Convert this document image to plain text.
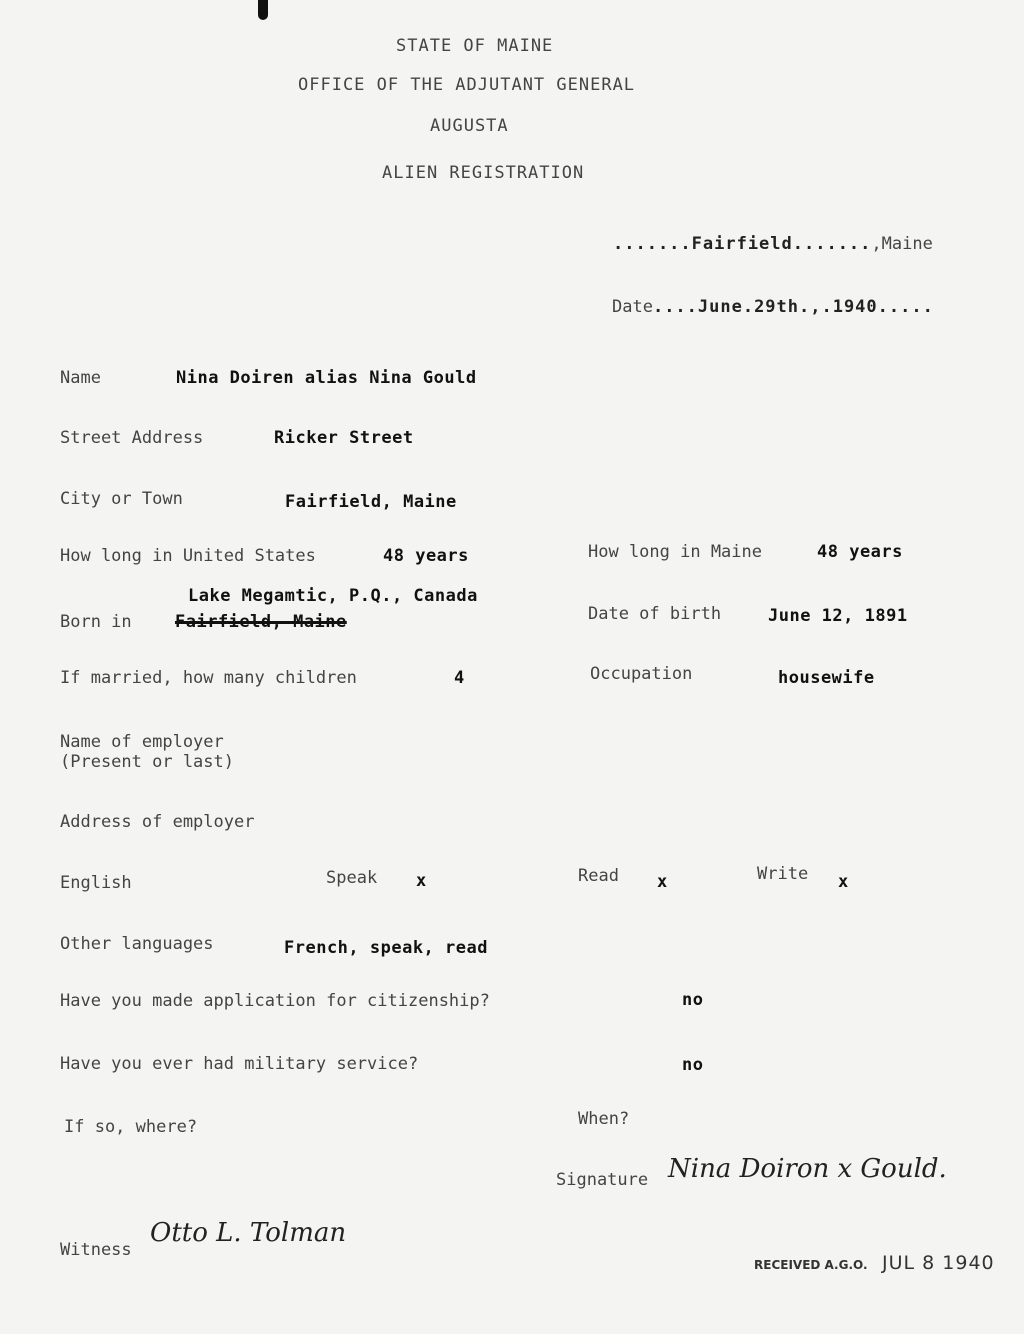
STATE OF MAINE
OFFICE OF THE ADJUTANT GENERAL
AUGUSTA
ALIEN REGISTRATION
.......Fairfield.......,Maine
Date....June.29th.,.1940.....
Name	Nina Doiren alias Nina Gould
Street Address	Ricker Street
City or Town	Fairfield, Maine
How long in United States	48 years	How long in Maine	48 years
Lake Megamtic, P.Q., Canada
Born in	Fairfield, Maine	Date of birth	June 12, 1891
If married, how many children	4	Occupation	housewife
Name of employer
(Present or last)
Address of employer
English	Speak x	Read x	Write x
Other languages	French, speak, read
Have you made application for citizenship?	no
Have you ever had military service?	no
If so, where?	When?
Signature Nina Doiron x Gould.
Witness
Otto L. Tolman
RECEIVED A.G.O. JUL 8 1940
